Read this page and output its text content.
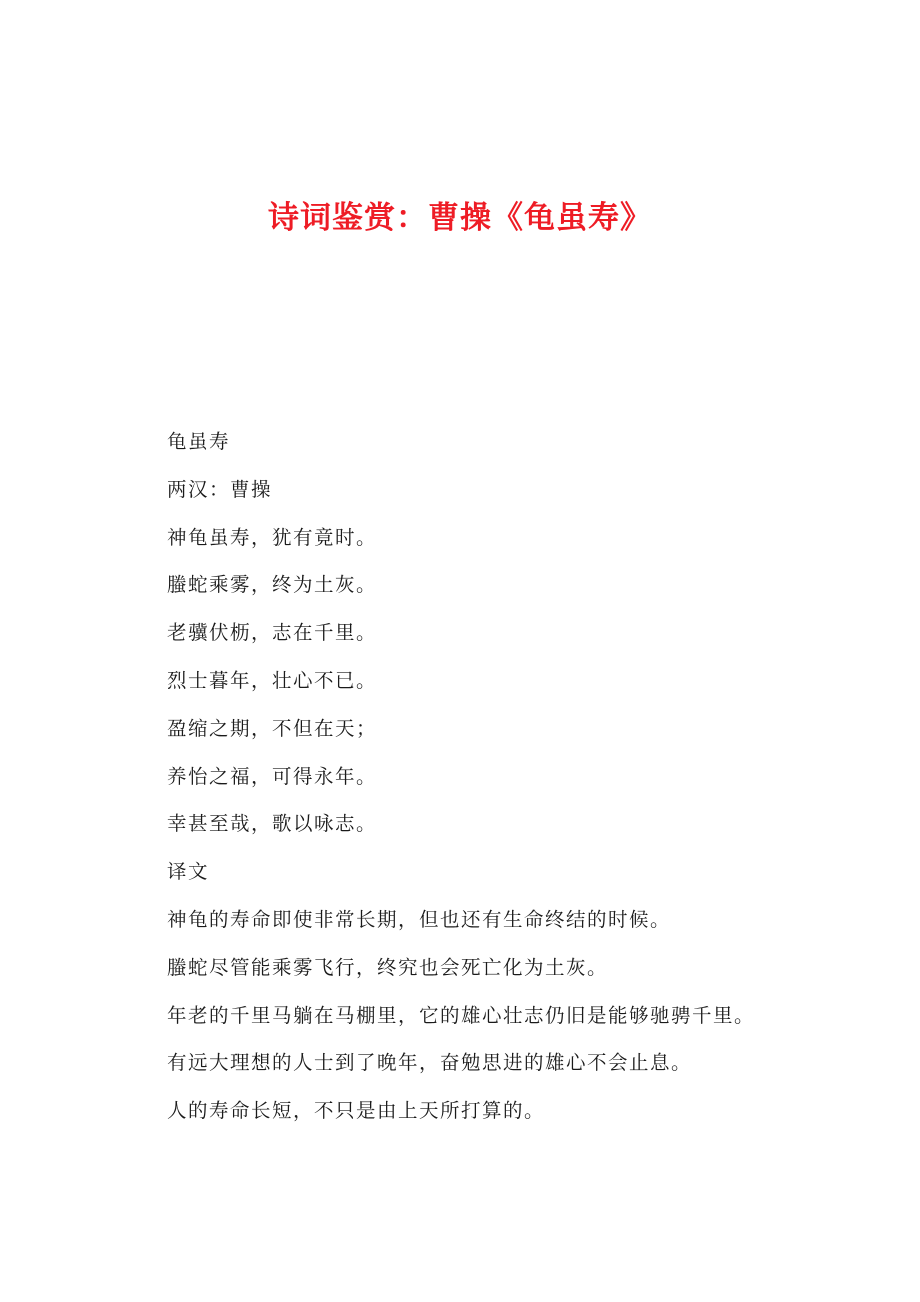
诗词鉴赏：曹操《龟虽寿》
龟虽寿
两汉：曹操
神龟虽寿，犹有竟时。
螣蛇乘雾，终为土灰。
老骥伏枥，志在千里。
烈士暮年，壮心不已。
盈缩之期，不但在天；
养怡之福，可得永年。
幸甚至哉，歌以咏志。
译文
神龟的寿命即使非常长期，但也还有生命终结的时候。
螣蛇尽管能乘雾飞行，终究也会死亡化为土灰。
年老的千里马躺在马棚里，它的雄心壮志仍旧是能够驰骋千里。
有远大理想的人士到了晚年，奋勉思进的雄心不会止息。
人的寿命长短，不只是由上天所打算的。
